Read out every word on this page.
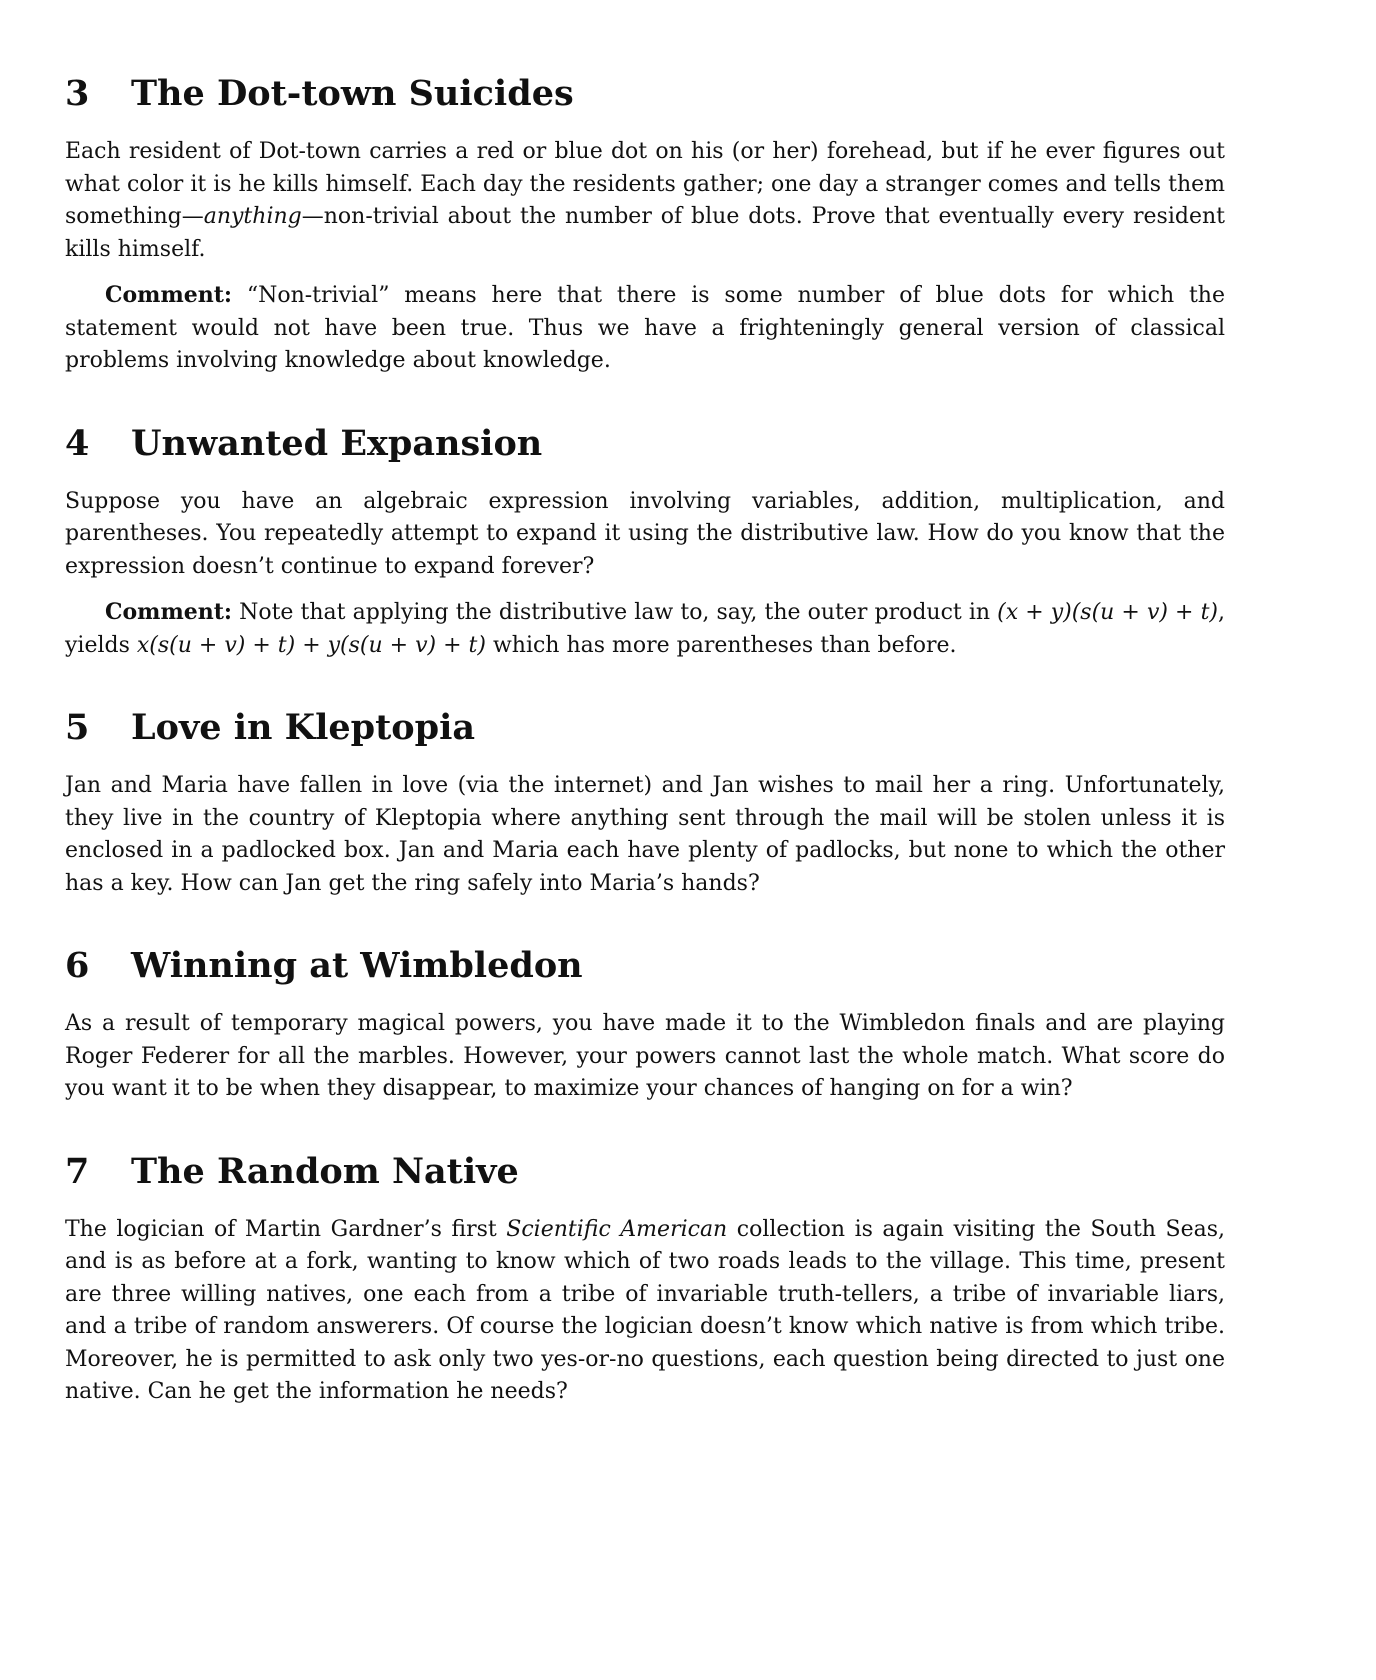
3 The Dot-town Suicides

Each resident of Dot-town carries a red or blue dot on his (or her) forehead, but if he ever figures out what color it is he kills himself. Each day the residents gather; one day a stranger comes and tells them something—anything—non-trivial about the number of blue dots. Prove that eventually every resident kills himself.

Comment: “Non-trivial” means here that there is some number of blue dots for which the statement would not have been true. Thus we have a frighteningly general version of classical problems involving knowledge about knowledge.

4 Unwanted Expansion

Suppose you have an algebraic expression involving variables, addition, multiplication, and parentheses. You repeatedly attempt to expand it using the distributive law. How do you know that the expression doesn’t continue to expand forever?

Comment: Note that applying the distributive law to, say, the outer product in (x + y)(s(u + v) + t), yields x(s(u + v) + t) + y(s(u + v) + t) which has more parentheses than before.

5 Love in Kleptopia

Jan and Maria have fallen in love (via the internet) and Jan wishes to mail her a ring. Unfortunately, they live in the country of Kleptopia where anything sent through the mail will be stolen unless it is enclosed in a padlocked box. Jan and Maria each have plenty of padlocks, but none to which the other has a key. How can Jan get the ring safely into Maria’s hands?

6 Winning at Wimbledon

As a result of temporary magical powers, you have made it to the Wimbledon finals and are playing Roger Federer for all the marbles. However, your powers cannot last the whole match. What score do you want it to be when they disappear, to maximize your chances of hanging on for a win?

7 The Random Native

The logician of Martin Gardner’s first Scientific American collection is again visiting the South Seas, and is as before at a fork, wanting to know which of two roads leads to the village. This time, present are three willing natives, one each from a tribe of invariable truth-tellers, a tribe of invariable liars, and a tribe of random answerers. Of course the logician doesn’t know which native is from which tribe. Moreover, he is permitted to ask only two yes-or-no questions, each question being directed to just one native. Can he get the information he needs?
